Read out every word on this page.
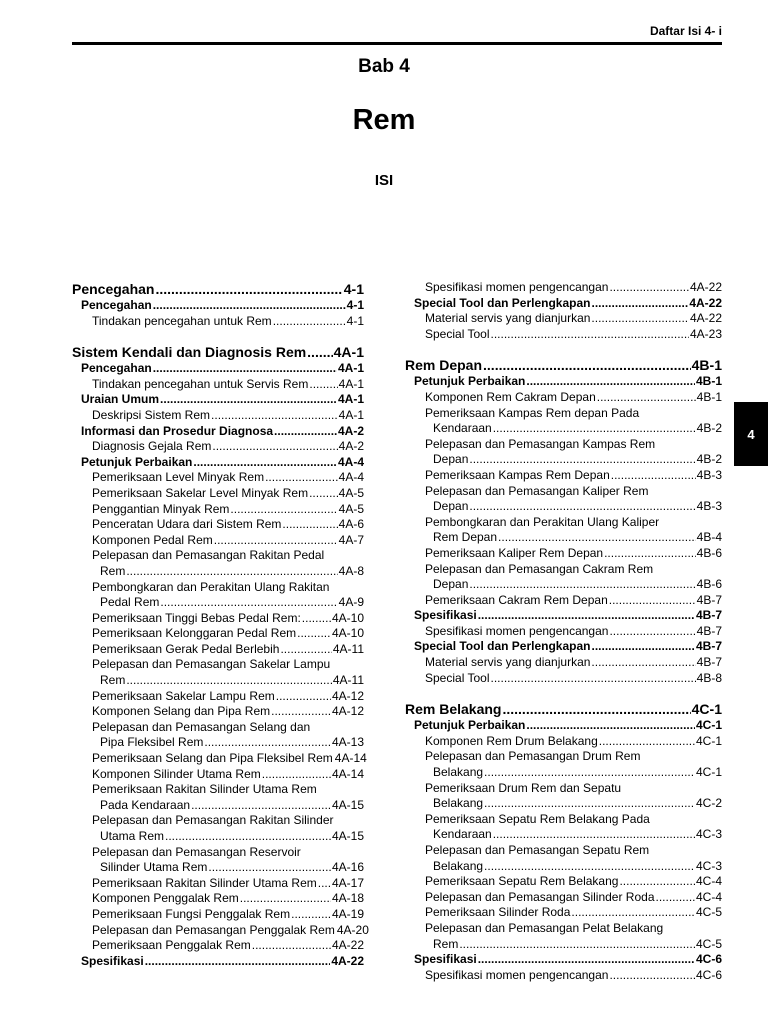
Daftar Isi 4- i
Bab 4
Rem
ISI
4
Pencegahan .....	4-1
Pencegahan .....	4-1
Tindakan pencegahan untuk Rem .....	4-1
Sistem Kendali dan Diagnosis Rem ..... 4A-1
Pencegahan .....	4A-1
Tindakan pencegahan untuk Servis Rem .....	4A-1
Uraian Umum .....	4A-1
Deskripsi Sistem Rem .....	4A-1
Informasi dan Prosedur Diagnosa .....	4A-2
Diagnosis Gejala Rem .....	4A-2
Petunjuk Perbaikan .....	4A-4
Pemeriksaan Level Minyak Rem .....	4A-4
Pemeriksaan Sakelar Level Minyak Rem .....	4A-5
Penggantian Minyak Rem .....	4A-5
Penceratan Udara dari Sistem Rem .....	4A-6
Komponen Pedal Rem .....	4A-7
Pelepasan dan Pemasangan Rakitan Pedal
Rem .....	4A-8
Pembongkaran dan Perakitan Ulang Rakitan
Pedal Rem .....	4A-9
Pemeriksaan Tinggi Bebas Pedal Rem: .....	4A-10
Pemeriksaan Kelonggaran Pedal Rem .....	4A-10
Pemeriksaan Gerak Pedal Berlebih .....	4A-11
Pelepasan dan Pemasangan Sakelar Lampu
Rem .....	4A-11
Pemeriksaan Sakelar Lampu Rem .....	4A-12
Komponen Selang dan Pipa Rem .....	4A-12
Pelepasan dan Pemasangan Selang dan
Pipa Fleksibel Rem .....	4A-13
Pemeriksaan Selang dan Pipa Fleksibel Rem 4A-14
Komponen Silinder Utama Rem .....	4A-14
Pemeriksaan Rakitan Silinder Utama Rem
Pada Kendaraan .....	4A-15
Pelepasan dan Pemasangan Rakitan Silinder
Utama Rem .....	4A-15
Pelepasan dan Pemasangan Reservoir
Silinder Utama Rem .....	4A-16
Pemeriksaan Rakitan Silinder Utama Rem ..... 4A-17
Komponen Penggalak Rem .....	4A-18
Pemeriksaan Fungsi Penggalak Rem .....	4A-19
Pelepasan dan Pemasangan Penggalak Rem 4A-20
Pemeriksaan Penggalak Rem .....	4A-22
Spesifikasi .....	4A-22
Spesifikasi momen pengencangan .....	4A-22
Special Tool dan Perlengkapan .....	4A-22
Material servis yang dianjurkan .....	4A-22
Special Tool .....	4A-23
Rem Depan .....	4B-1
Petunjuk Perbaikan .....	4B-1
Komponen Rem Cakram Depan .....	4B-1
Pemeriksaan Kampas Rem depan Pada
Kendaraan .....	4B-2
Pelepasan dan Pemasangan Kampas Rem
Depan .....	4B-2
Pemeriksaan Kampas Rem Depan .....	4B-3
Pelepasan dan Pemasangan Kaliper Rem
Depan .....	4B-3
Pembongkaran dan Perakitan Ulang Kaliper
Rem Depan .....	4B-4
Pemeriksaan Kaliper Rem Depan .....	4B-6
Pelepasan dan Pemasangan Cakram Rem
Depan .....	4B-6
Pemeriksaan Cakram Rem Depan .....	4B-7
Spesifikasi .....	4B-7
Spesifikasi momen pengencangan .....	4B-7
Special Tool dan Perlengkapan .....	4B-7
Material servis yang dianjurkan .....	4B-7
Special Tool .....	4B-8
Rem Belakang .....	4C-1
Petunjuk Perbaikan .....	4C-1
Komponen Rem Drum Belakang .....	4C-1
Pelepasan dan Pemasangan Drum Rem
Belakang .....	4C-1
Pemeriksaan Drum Rem dan Sepatu
Belakang .....	4C-2
Pemeriksaan Sepatu Rem Belakang Pada
Kendaraan .....	4C-3
Pelepasan dan Pemasangan Sepatu Rem
Belakang .....	4C-3
Pemeriksaan Sepatu Rem Belakang .....	4C-4
Pelepasan dan Pemasangan Silinder Roda .....	4C-4
Pemeriksaan Silinder Roda .....	4C-5
Pelepasan dan Pemasangan Pelat Belakang
Rem .....	4C-5
Spesifikasi .....	4C-6
Spesifikasi momen pengencangan .....	4C-6
